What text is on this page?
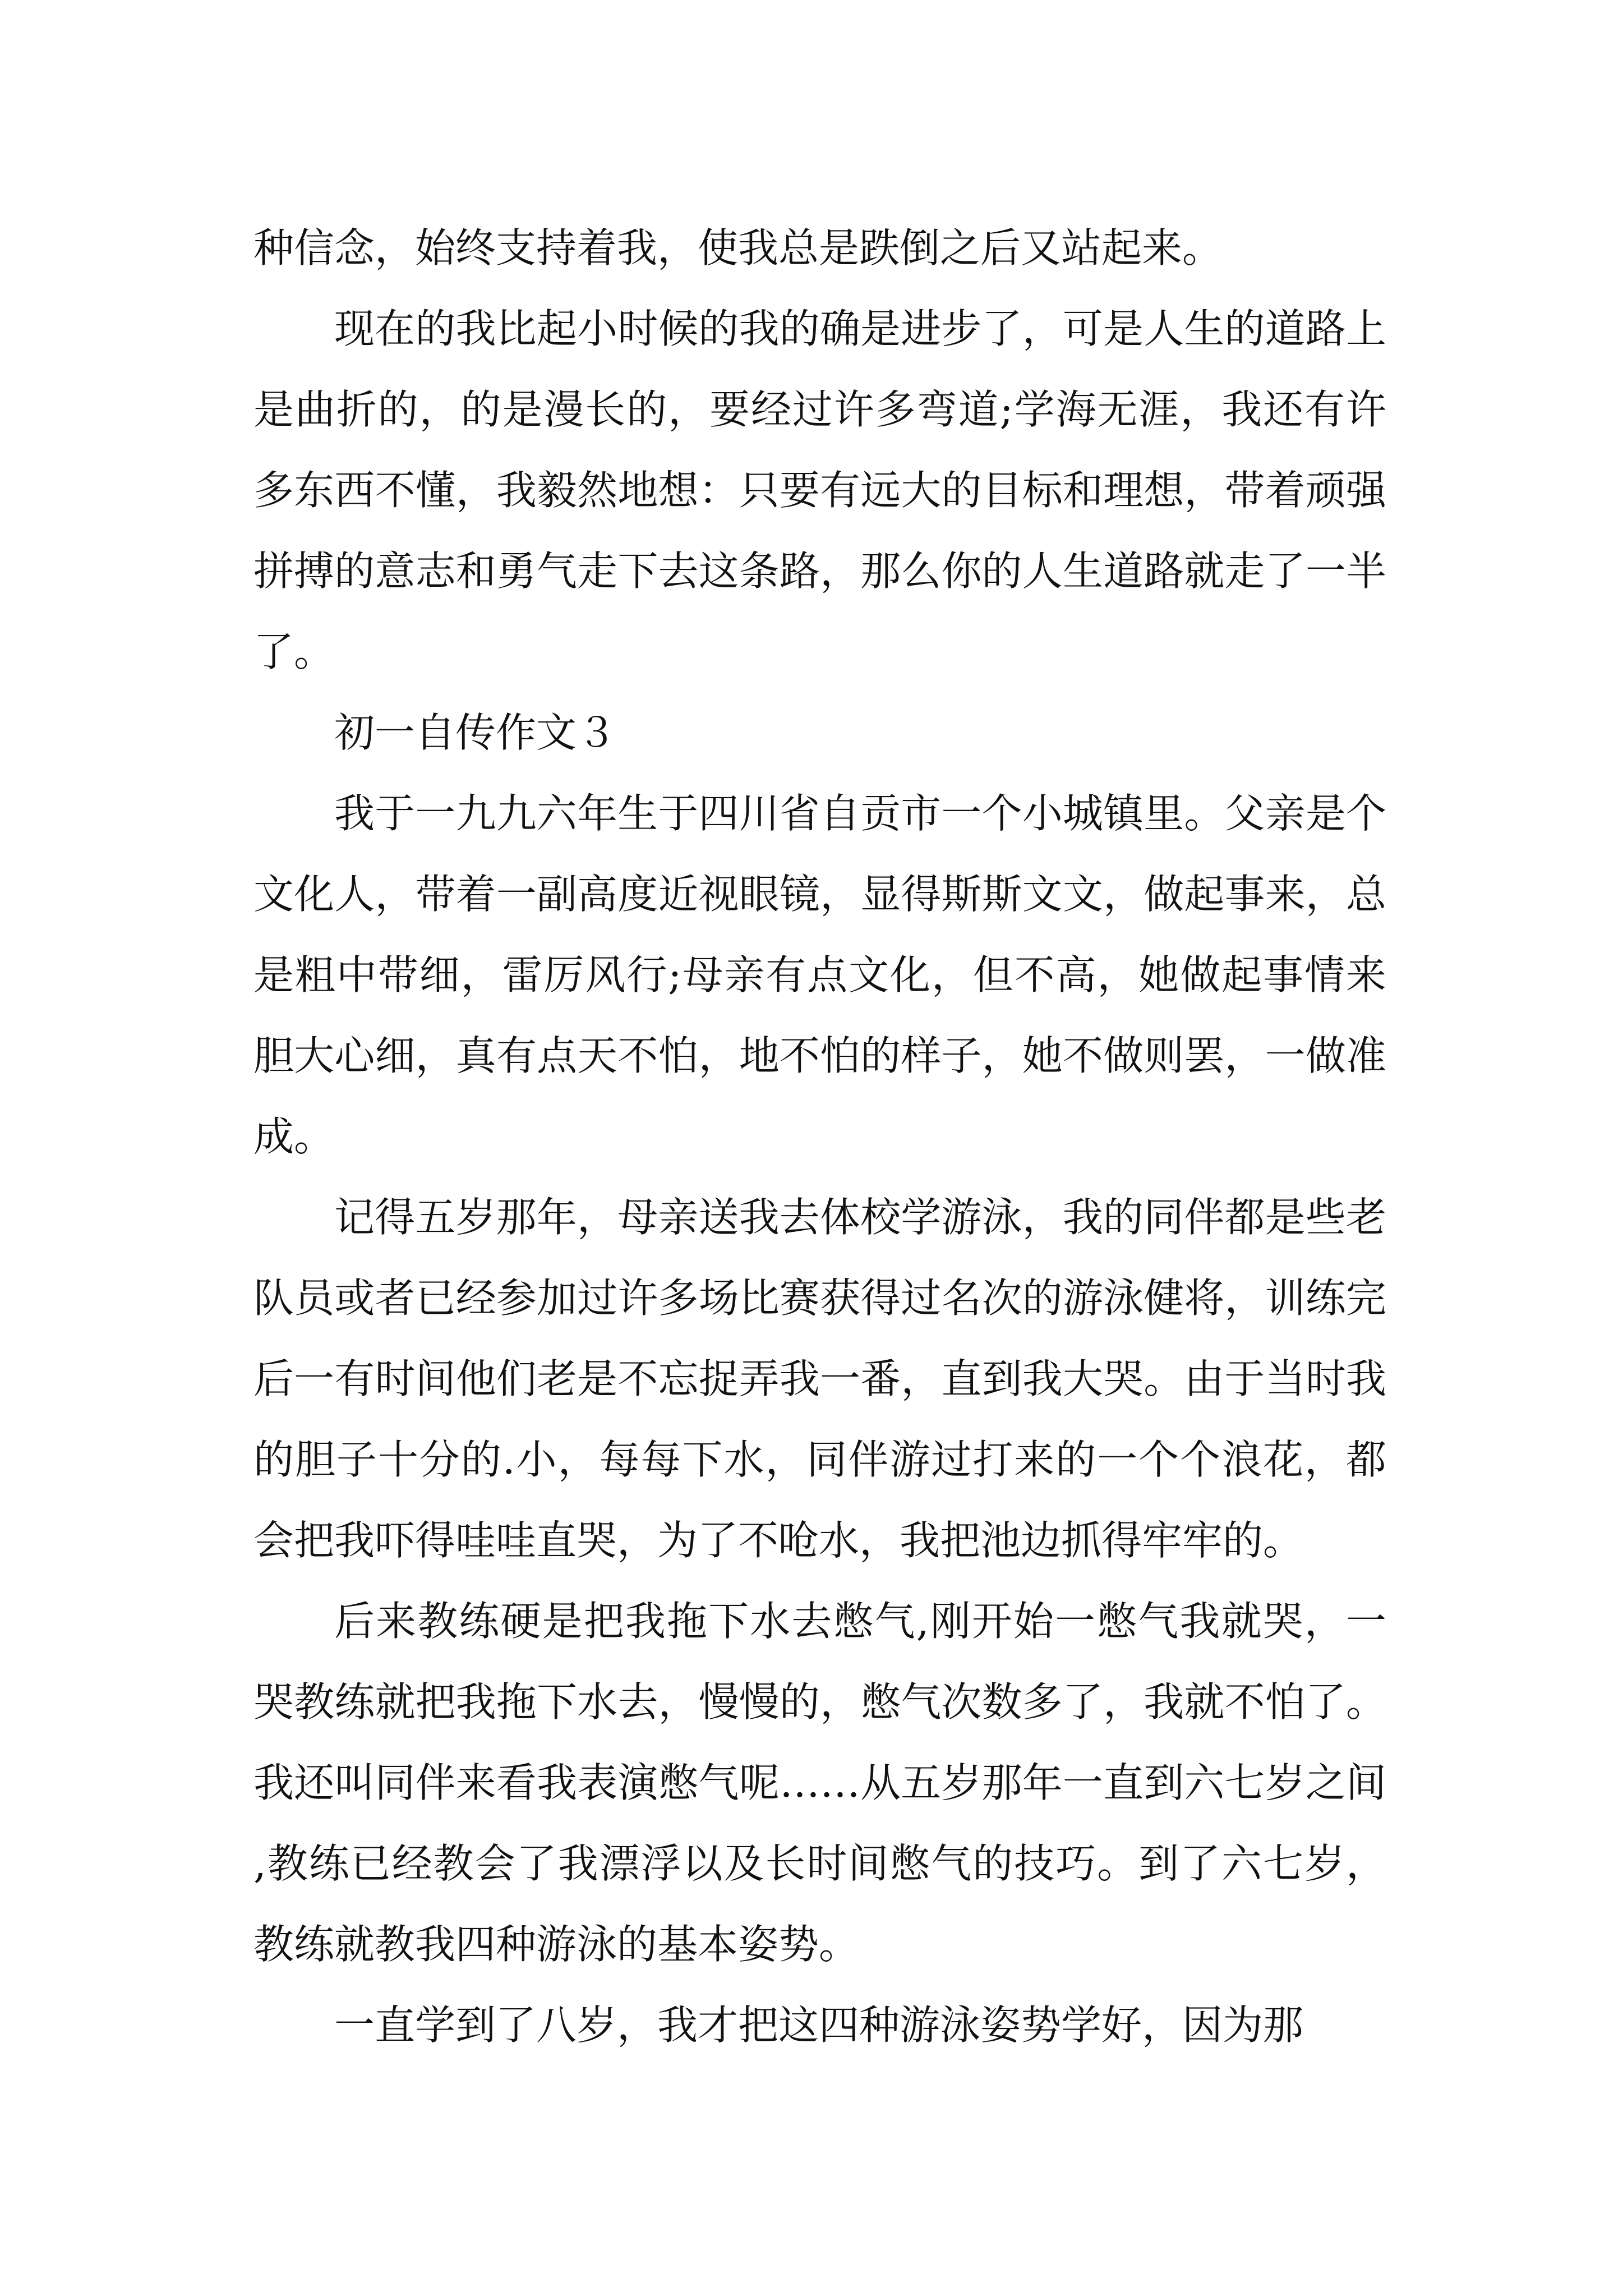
种信念，始终支持着我，使我总是跌倒之后又站起来。

现在的我比起小时候的我的确是进步了，可是人生的道路上是曲折的，的是漫长的，要经过许多弯道;学海无涯，我还有许多东西不懂，我毅然地想：只要有远大的目标和理想，带着顽强拼搏的意志和勇气走下去这条路，那么你的人生道路就走了一半了。

初一自传作文３

我于一九九六年生于四川省自贡市一个小城镇里。父亲是个文化人，带着一副高度近视眼镜，显得斯斯文文，做起事来，总是粗中带细，雷厉风行;母亲有点文化，但不高，她做起事情来胆大心细，真有点天不怕，地不怕的样子，她不做则罢，一做准成。

记得五岁那年，母亲送我去体校学游泳，我的同伴都是些老队员或者已经参加过许多场比赛获得过名次的游泳健将，训练完后一有时间他们老是不忘捉弄我一番，直到我大哭。由于当时我的胆子十分的.小，每每下水，同伴游过打来的一个个浪花，都会把我吓得哇哇直哭，为了不呛水，我把池边抓得牢牢的。

后来教练硬是把我拖下水去憋气,刚开始一憋气我就哭，一哭教练就把我拖下水去，慢慢的，憋气次数多了，我就不怕了。我还叫同伴来看我表演憋气呢……从五岁那年一直到六七岁之间,教练已经教会了我漂浮以及长时间憋气的技巧。到了六七岁，教练就教我四种游泳的基本姿势。

一直学到了八岁，我才把这四种游泳姿势学好，因为那
